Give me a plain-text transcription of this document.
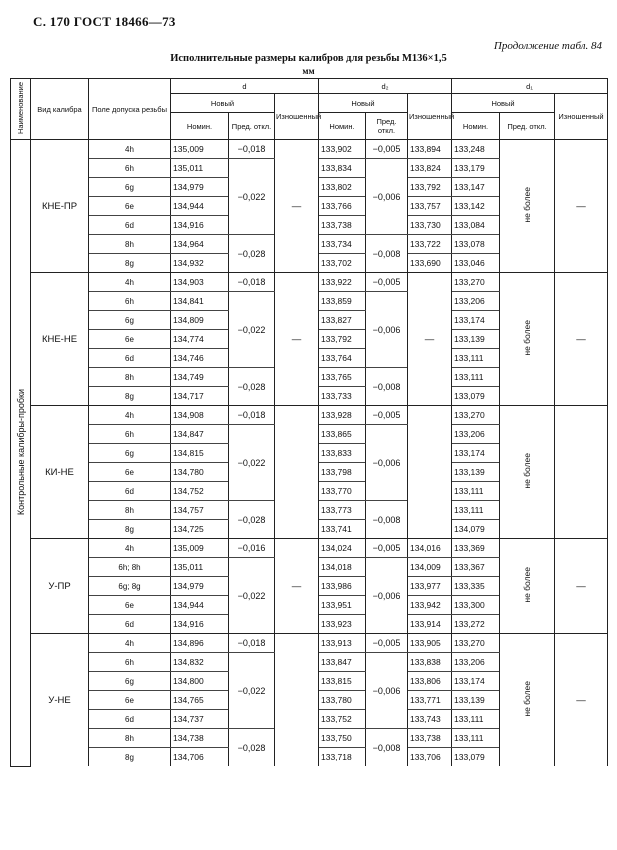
С. 170 ГОСТ 18466—73
Продолжение табл. 84
Исполнительные размеры калибров для резьбы М136×1,5
мм
Наименование	Вид калибра	Поле допуска резьбы	d			d₂			d₁		
			Новый		Изношенный	Новый		Изношенный	Новый		Изношенный
			Номин.	Пред. откл.		Номин.	Пред. откл.		Номин.	Пред. откл.	
Контрольные калибры-пробки	КНЕ-ПР	4h	135,009	−0,018	—	133,902	−0,005	133,894	133,248	не более	—
		6h	135,011	−0,022		133,834	−0,006	133,824	133,179		
		6g	134,979			133,802		133,792	133,147		
		6e	134,944			133,766		133,757	133,142		
		6d	134,916			133,738		133,730	133,084		
		8h	134,964	−0,028		133,734	−0,008	133,722	133,078		
		8g	134,932			133,702		133,690	133,046		
	КНЕ-НЕ	4h	134,903	−0,018	—	133,922	−0,005	—	133,270	не более	—
		6h	134,841	−0,022		133,859	−0,006		133,206		
		6g	134,809			133,827			133,174		
		6e	134,774			133,792			133,139		
		6d	134,746			133,764			133,111		
		8h	134,749	−0,028		133,765	−0,008		133,111		
		8g	134,717			133,733			133,079		
	КИ-НЕ	4h	134,908	−0,018		133,928	−0,005		133,270	не более	
		6h	134,847	−0,022		133,865	−0,006		133,206		
		6g	134,815			133,833			133,174		
		6e	134,780			133,798			133,139		
		6d	134,752			133,770			133,111		
		8h	134,757	−0,028		133,773	−0,008		133,111		
		8g	134,725			133,741			134,079		
	У-ПР	4h	135,009	−0,016	—	134,024	−0,005	134,016	133,369	не более	—
		6h; 8h	135,011	−0,022		134,018	−0,006	134,009	133,367		
		6g; 8g	134,979			133,986		133,977	133,335		
		6e	134,944			133,951		133,942	133,300		
		6d	134,916			133,923		133,914	133,272		
	У-НЕ	4h	134,896	−0,018		133,913	−0,005	133,905	133,270	не более	—
		6h	134,832	−0,022		133,847	−0,006	133,838	133,206		
		6g	134,800			133,815		133,806	133,174		
		6e	134,765			133,780		133,771	133,139		
		6d	134,737			133,752		133,743	133,111		
		8h	134,738	−0,028		133,750	−0,008	133,738	133,111		
		8g	134,706			133,718		133,706	133,079		
